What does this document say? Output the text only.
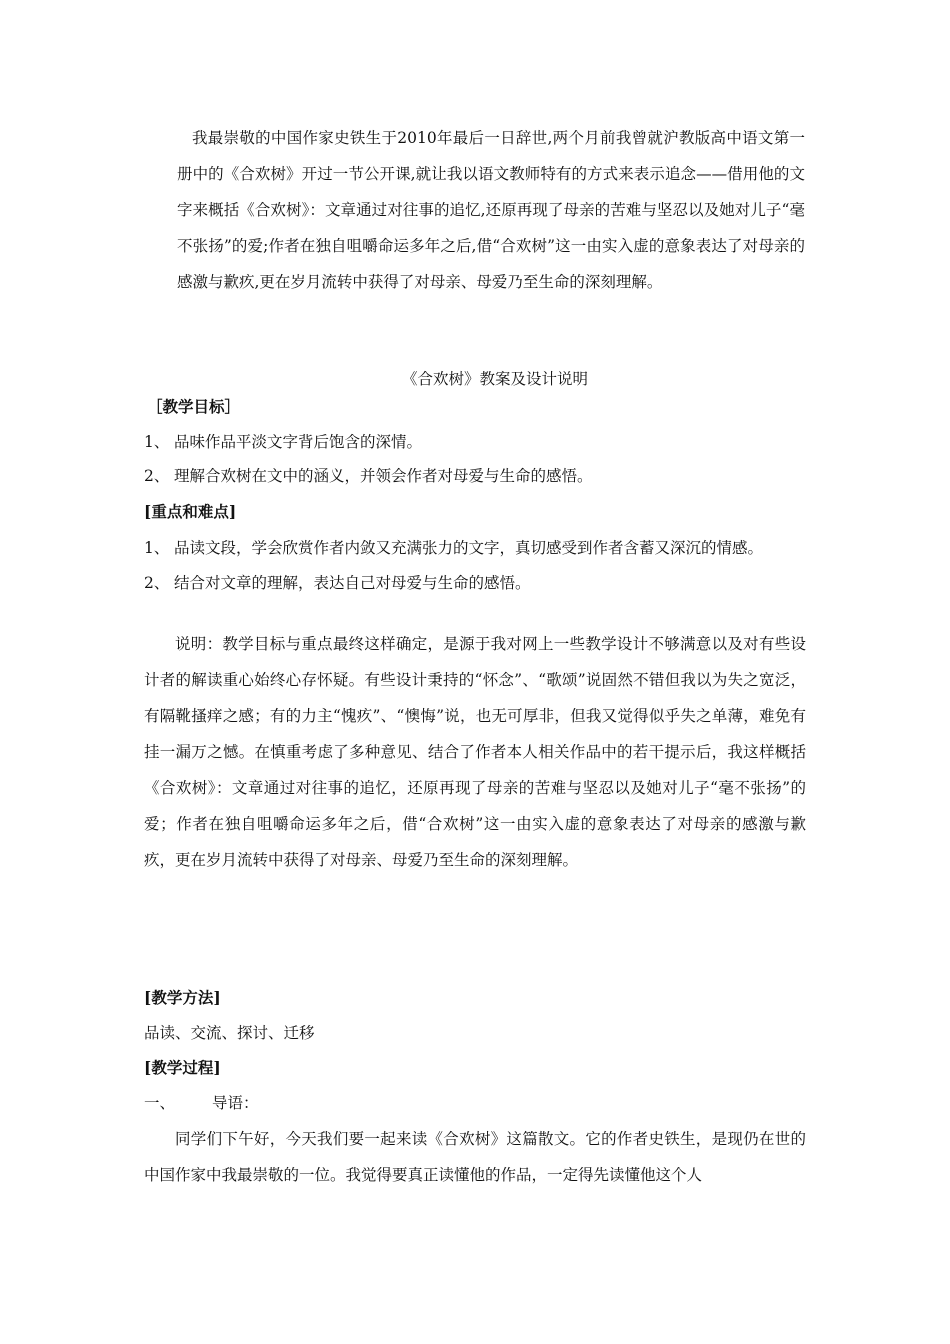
我最崇敬的中国作家史铁生于2010年最后一日辞世,两个月前我曾就沪教版高中语文第一册中的《合欢树》开过一节公开课,就让我以语文教师特有的方式来表示追念——借用他的文字来概括《合欢树》：文章通过对往事的追忆,还原再现了母亲的苦难与坚忍以及她对儿子“毫不张扬”的爱;作者在独自咀嚼命运多年之后,借“合欢树”这一由实入虚的意象表达了对母亲的感激与歉疚,更在岁月流转中获得了对母亲、母爱乃至生命的深刻理解。

《合欢树》教案及设计说明
［教学目标］
1、 品味作品平淡文字背后饱含的深情。
2、 理解合欢树在文中的涵义，并领会作者对母爱与生命的感悟。
[重点和难点]
1、 品读文段，学会欣赏作者内敛又充满张力的文字，真切感受到作者含蓄又深沉的情感。
2、 结合对文章的理解，表达自己对母爱与生命的感悟。

说明：教学目标与重点最终这样确定，是源于我对网上一些教学设计不够满意以及对有些设计者的解读重心始终心存怀疑。有些设计秉持的“怀念”、“歌颂”说固然不错但我以为失之宽泛，有隔靴搔痒之感；有的力主“愧疚”、“懊悔”说，也无可厚非，但我又觉得似乎失之单薄，难免有挂一漏万之憾。在慎重考虑了多种意见、结合了作者本人相关作品中的若干提示后，我这样概括《合欢树》：文章通过对往事的追忆，还原再现了母亲的苦难与坚忍以及她对儿子“毫不张扬”的爱；作者在独自咀嚼命运多年之后，借“合欢树”这一由实入虚的意象表达了对母亲的感激与歉疚，更在岁月流转中获得了对母亲、母爱乃至生命的深刻理解。

[教学方法]
品读、交流、探讨、迁移
[教学过程]
一、 导语：

同学们下午好，今天我们要一起来读《合欢树》这篇散文。它的作者史铁生，是现仍在世的中国作家中我最崇敬的一位。我觉得要真正读懂他的作品，一定得先读懂他这个人
